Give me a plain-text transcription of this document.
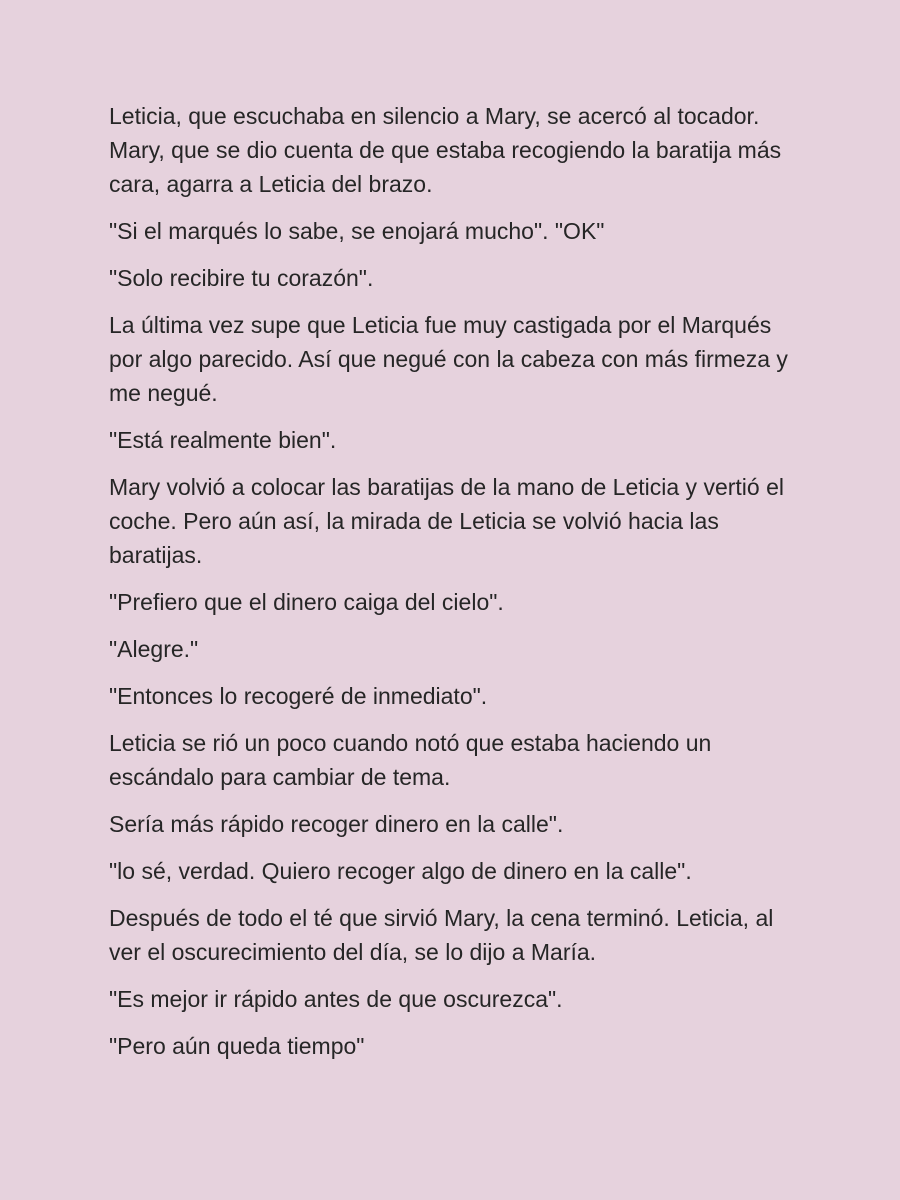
Leticia, que escuchaba en silencio a Mary, se acercó al tocador. Mary, que se dio cuenta de que estaba recogiendo la baratija más cara, agarra a Leticia del brazo.

"Si el marqués lo sabe, se enojará mucho". "OK"

"Solo recibire tu corazón".

La última vez supe que Leticia fue muy castigada por el Marqués por algo parecido. Así que negué con la cabeza con más firmeza y me negué.

"Está realmente bien".

Mary volvió a colocar las baratijas de la mano de Leticia y vertió el coche. Pero aún así, la mirada de Leticia se volvió hacia las baratijas.

"Prefiero que el dinero caiga del cielo".

"Alegre."

"Entonces lo recogeré de inmediato".

Leticia se rió un poco cuando notó que estaba haciendo un escándalo para cambiar de tema.

Sería más rápido recoger dinero en la calle".

"lo sé, verdad. Quiero recoger algo de dinero en la calle".

Después de todo el té que sirvió Mary, la cena terminó. Leticia, al ver el oscurecimiento del día, se lo dijo a María.

"Es mejor ir rápido antes de que oscurezca".

"Pero aún queda tiempo"
